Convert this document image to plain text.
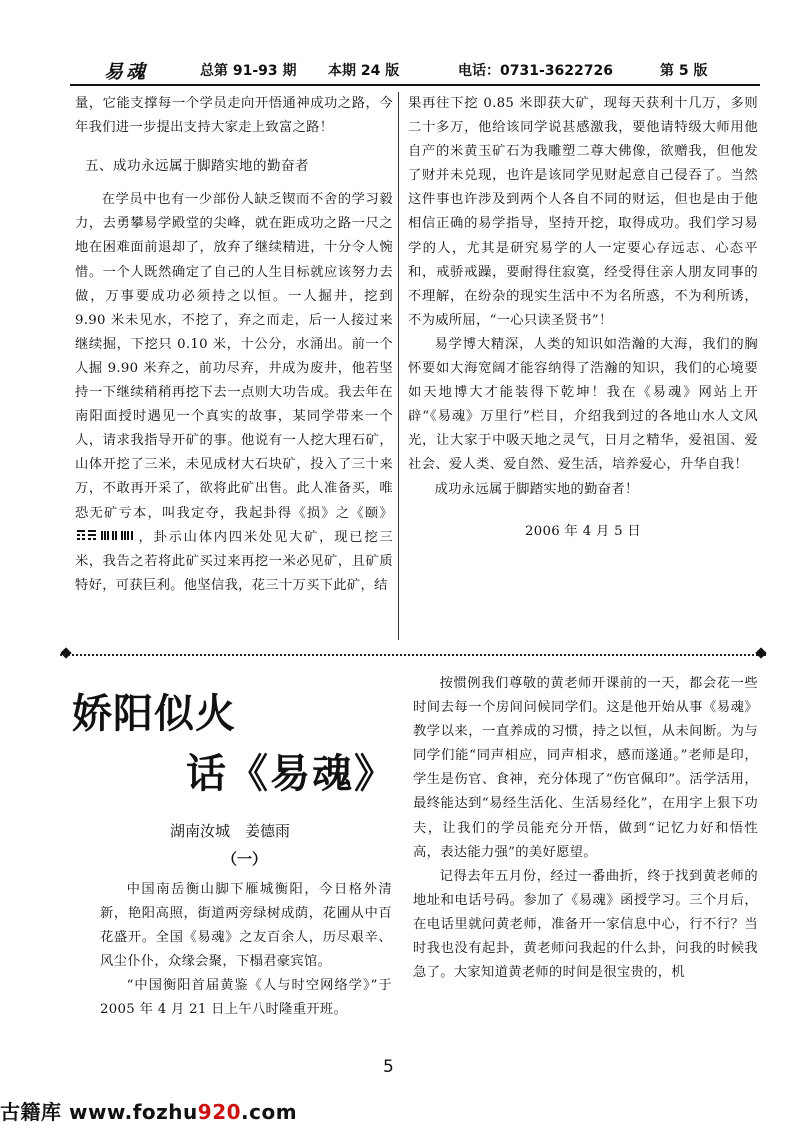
易魂	总第 91-93 期 本期 24 版	电话：0731-3622726	第 5 版

量，它能支撑每一个学员走向开悟通神成功之路，今年我们进一步提出支持大家走上致富之路！

五、成功永远属于脚踏实地的勤奋者

在学员中也有一少部份人缺乏锲而不舍的学习毅力，去勇攀易学殿堂的尖峰，就在距成功之路一尺之地在困难面前退却了，放弃了继续精进，十分令人惋惜。一个人既然确定了自己的人生目标就应该努力去做，万事要成功必须持之以恒。一人掘井，挖到 9.90 米未见水，不挖了，弃之而走，后一人接过来继续掘，下挖只 0.10 米，十公分，水涌出。前一个人掘 9.90 米弃之，前功尽弃，井成为废井，他若坚持一下继续稍稍再挖下去一点则大功告成。我去年在南阳面授时遇见一个真实的故事，某同学带来一个人，请求我指导开矿的事。他说有一人挖大理石矿，山体开挖了三米，未见成材大石块矿，投入了三十来万，不敢再开采了，欲将此矿出售。此人准备买，唯恐无矿亏本，叫我定夺，我起卦得《损》之《颐》，卦示山体内四米处见大矿，现已挖三米，我告之若将此矿买过来再挖一米必见矿，且矿质特好，可获巨利。他坚信我，花三十万买下此矿，结

果再往下挖 0.85 米即获大矿，现每天获利十几万，多则二十多万，他给该同学说甚感激我，要他请特级大师用他自产的米黄玉矿石为我雕塑二尊大佛像，欲赠我，但他发了财并未兑现，也许是该同学见财起意自己侵吞了。当然这件事也许涉及到两个人各自不同的财运，但也是由于他相信正确的易学指导，坚持开挖，取得成功。我们学习易学的人，尤其是研究易学的人一定要心存远志、心态平和，戒骄戒躁，要耐得住寂寞，经受得住亲人朋友同事的不理解，在纷杂的现实生活中不为名所惑，不为利所诱，不为威所屈，“一心只读圣贤书”！

易学博大精深，人类的知识如浩瀚的大海，我们的胸怀要如大海宽阔才能容纳得了浩瀚的知识，我们的心境要如天地博大才能装得下乾坤！我在《易魂》网站上开辟“《易魂》万里行”栏目，介绍我到过的各地山水人文风光，让大家于中吸天地之灵气，日月之精华，爱祖国、爱社会、爱人类、爱自然、爱生活，培养爱心，升华自我！

成功永远属于脚踏实地的勤奋者！

2006 年 4 月 5 日

娇阳似火
话《易魂》
湖南汝城　姜德雨
（一）

中国南岳衡山脚下雁城衡阳，今日格外清新，艳阳高照，街道两旁绿树成荫，花圃从中百花盛开。全国《易魂》之友百余人，历尽艰辛、风尘仆仆，众缘会聚，下榻君豪宾馆。

“中国衡阳首届黄鉴《人与时空网络学》”于 2005 年 4 月 21 日上午八时隆重开班。

按惯例我们尊敬的黄老师开课前的一天，都会花一些时间去每一个房间问候同学们。这是他开始从事《易魂》教学以来，一直养成的习惯，持之以恒，从未间断。为与同学们能“同声相应，同声相求，感而遂通。”老师是印，学生是伤官、食神，充分体现了“伤官佩印”。活学活用，最终能达到“易经生活化、生活易经化”，在用字上狠下功夫，让我们的学员能充分开悟，做到“记忆力好和悟性高，表达能力强”的美好愿望。

记得去年五月份，经过一番曲折，终于找到黄老师的地址和电话号码。参加了《易魂》函授学习。三个月后，在电话里就问黄老师，准备开一家信息中心，行不行？当时我也没有起卦，黄老师问我起的什么卦，问我的时候我急了。大家知道黄老师的时间是很宝贵的，机

5
古籍库 www.fozhu920.com
